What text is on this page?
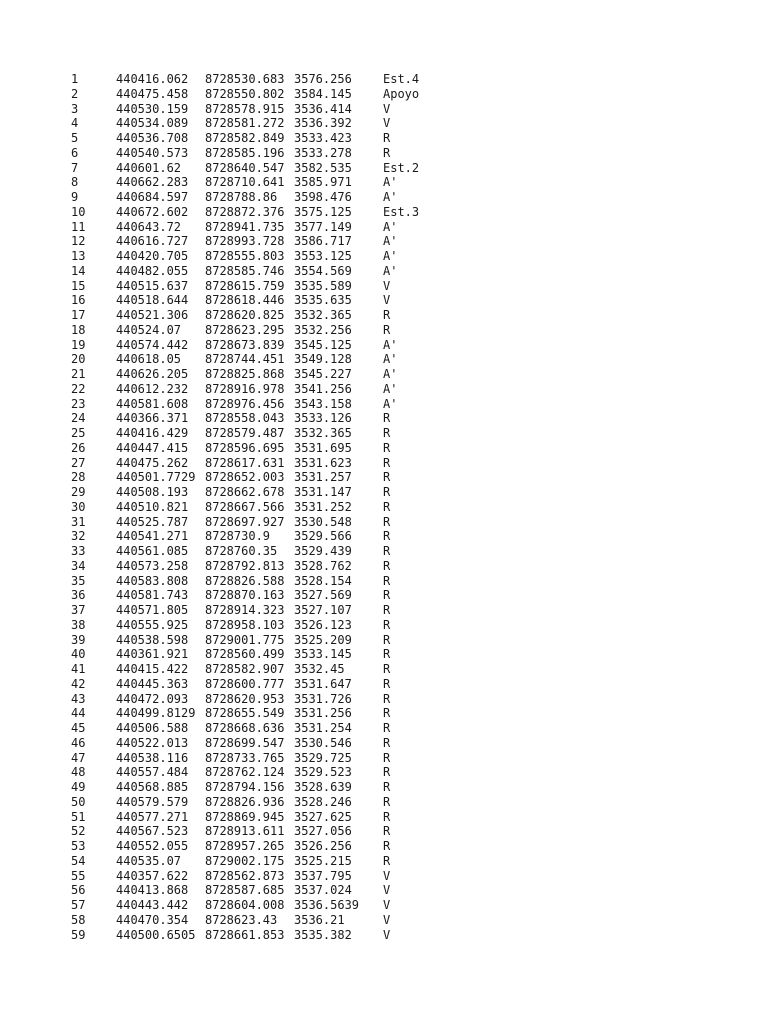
1	440416.062	8728530.683 3576.256	Est.4
2	440475.458	8728550.802 3584.145	Apoyo
3	440530.159	8728578.915 3536.414	V
4	440534.089	8728581.272 3536.392	V
5	440536.708	8728582.849 3533.423	R
6	440540.573	8728585.196 3533.278	R
7	440601.62	8728640.547 3582.535	Est.2
8	440662.283	8728710.641 3585.971	A'
9	440684.597	8728788.86	3598.476	A'
10	440672.602	8728872.376 3575.125	Est.3
11	440643.72	8728941.735 3577.149	A'
12	440616.727	8728993.728 3586.717	A'
13	440420.705	8728555.803 3553.125	A'
14	440482.055	8728585.746 3554.569	A'
15	440515.637	8728615.759 3535.589	V
16	440518.644	8728618.446 3535.635	V
17	440521.306	8728620.825 3532.365	R
18	440524.07	8728623.295 3532.256	R
19	440574.442	8728673.839 3545.125	A'
20	440618.05	8728744.451 3549.128	A'
21	440626.205	8728825.868 3545.227	A'
22	440612.232	8728916.978 3541.256	A'
23	440581.608	8728976.456 3543.158	A'
24	440366.371	8728558.043 3533.126	R
25	440416.429	8728579.487 3532.365	R
26	440447.415	8728596.695 3531.695	R
27	440475.262	8728617.631 3531.623	R
28	440501.7729 8728652.003 3531.257	R
29	440508.193	8728662.678 3531.147	R
30	440510.821	8728667.566 3531.252	R
31	440525.787	8728697.927 3530.548	R
32	440541.271	8728730.9	3529.566	R
33	440561.085	8728760.35	3529.439	R
34	440573.258	8728792.813 3528.762	R
35	440583.808	8728826.588 3528.154	R
36	440581.743	8728870.163 3527.569	R
37	440571.805	8728914.323 3527.107	R
38	440555.925	8728958.103 3526.123	R
39	440538.598	8729001.775 3525.209	R
40	440361.921	8728560.499 3533.145	R
41	440415.422	8728582.907 3532.45	R
42	440445.363	8728600.777 3531.647	R
43	440472.093	8728620.953 3531.726	R
44	440499.8129 8728655.549 3531.256	R
45	440506.588	8728668.636 3531.254	R
46	440522.013	8728699.547 3530.546	R
47	440538.116	8728733.765 3529.725	R
48	440557.484	8728762.124 3529.523	R
49	440568.885	8728794.156 3528.639	R
50	440579.579	8728826.936 3528.246	R
51	440577.271	8728869.945 3527.625	R
52	440567.523	8728913.611 3527.056	R
53	440552.055	8728957.265 3526.256	R
54	440535.07	8729002.175 3525.215	R
55	440357.622	8728562.873 3537.795	V
56	440413.868	8728587.685 3537.024	V
57	440443.442	8728604.008 3536.5639	V
58	440470.354	8728623.43	3536.21	V
59	440500.6505 8728661.853 3535.382	V
